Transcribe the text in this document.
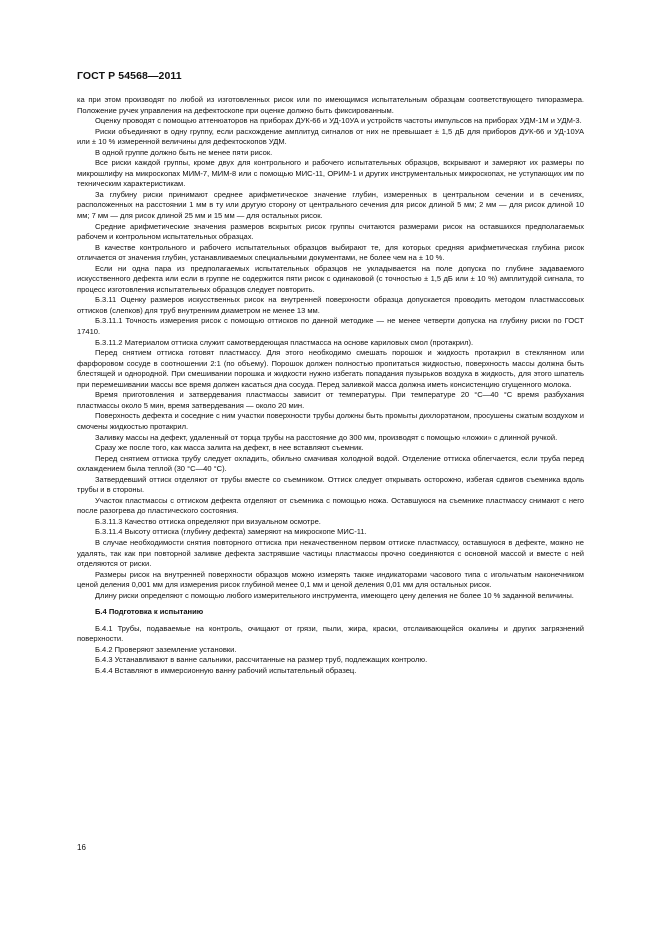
ГОСТ Р 54568—2011

ка при этом производят по любой из изготовленных рисок или по имеющимся испытательным образцам соответствующего типоразмера. Положение ручек управления на дефектоскопе при оценке должно быть фиксированным.

Оценку проводят с помощью аттенюаторов на приборах ДУК-66 и УД-10УА и устройств частоты импульсов на приборах УДМ-1М и УДМ-3.

Риски объединяют в одну группу, если расхождение амплитуд сигналов от них не превышает ± 1,5 дБ для приборов ДУК-66 и УД-10УА или ± 10 % измеренной величины для дефектоскопов УДМ.

В одной группе должно быть не менее пяти рисок.

Все риски каждой группы, кроме двух для контрольного и рабочего испытательных образцов, вскрывают и замеряют их размеры по микрошлифу на микроскопах МИМ-7, МИМ-8 или с помощью МИС-11, ОРИМ-1 и других инструментальных микроскопах, не уступающих им по техническим характеристикам.

За глубину риски принимают среднее арифметическое значение глубин, измеренных в центральном сечении и в сечениях, расположенных на расстоянии 1 мм в ту или другую сторону от центрального сечения для рисок длиной 5 мм; 2 мм — для рисок длиной 10 мм; 7 мм — для рисок длиной 25 мм и 15 мм — для остальных рисок.

Средние арифметические значения размеров вскрытых рисок группы считаются размерами рисок на оставшихся предполагаемых рабочем и контрольном испытательных образцах.

В качестве контрольного и рабочего испытательных образцов выбирают те, для которых средняя арифметическая глубина рисок отличается от значения глубин, устанавливаемых специальными документами, не более чем на ± 10 %.

Если ни одна пара из предполагаемых испытательных образцов не укладывается на поле допуска по глубине задаваемого искусственного дефекта или если в группе не содержится пяти рисок с одинаковой (с точностью ± 1,5 дБ или ± 10 %) амплитудой сигнала, то процесс изготовления испытательных образцов следует повторить.

Б.3.11 Оценку размеров искусственных рисок на внутренней поверхности образца допускается проводить методом пластмассовых оттисков (слепков) для труб внутренним диаметром не менее 13 мм.

Б.3.11.1 Точность измерения рисок с помощью оттисков по данной методике — не менее четверти допуска на глубину риски по ГОСТ 17410.

Б.3.11.2 Материалом оттиска служит самотвердеющая пластмасса на основе кариловых смол (протакрил).

Перед снятием оттиска готовят пластмассу. Для этого необходимо смешать порошок и жидкость протакрил в стеклянном или фарфоровом сосуде в соотношении 2:1 (по объему). Порошок должен полностью пропитаться жидкостью, поверхность массы должна быть блестящей и однородной. При смешивании порошка и жидкости нужно избегать попадания пузырьков воздуха в жидкость, для этого шпатель при перемешивании массы все время должен касаться дна сосуда. Перед заливкой масса должна иметь консистенцию сгущенного молока.

Время приготовления и затвердевания пластмассы зависит от температуры. При температуре 20 °С—40 °С время разбухания пластмассы около 5 мин, время затвердевания — около 20 мин.

Поверхность дефекта и соседние с ним участки поверхности трубы должны быть промыты дихлорэтаном, просушены сжатым воздухом и смочены жидкостью протакрил.

Заливку массы на дефект, удаленный от торца трубы на расстояние до 300 мм, производят с помощью «ложки» с длинной ручкой.

Сразу же после того, как масса залита на дефект, в нее вставляют съемник.

Перед снятием оттиска трубу следует охладить, обильно смачивая холодной водой. Отделение оттиска облегчается, если труба перед охлаждением была теплой (30 °С—40 °С).

Затвердевший оттиск отделяют от трубы вместе со съемником. Оттиск следует открывать осторожно, избегая сдвигов съемника вдоль трубы и в стороны.

Участок пластмассы с оттиском дефекта отделяют от съемника с помощью ножа. Оставшуюся на съемнике пластмассу снимают с него после разогрева до пластического состояния.

Б.3.11.3 Качество оттиска определяют при визуальном осмотре.

Б.3.11.4 Высоту оттиска (глубину дефекта) замеряют на микроскопе МИС-11.

В случае необходимости снятия повторного оттиска при некачественном первом оттиске пластмассу, оставшуюся в дефекте, можно не удалять, так как при повторной заливке дефекта застрявшие частицы пластмассы прочно соединяются с основной массой и вместе с ней отделяются от риски.

Размеры рисок на внутренней поверхности образцов можно измерять также индикаторами часового типа с игольчатым наконечником ценой деления 0,001 мм для измерения рисок глубиной менее 0,1 мм и ценой деления 0,01 мм для остальных рисок.

Длину риски определяют с помощью любого измерительного инструмента, имеющего цену деления не более 10 % заданной величины.

Б.4 Подготовка к испытанию

Б.4.1 Трубы, подаваемые на контроль, очищают от грязи, пыли, жира, краски, отслаивающейся окалины и других загрязнений поверхности.

Б.4.2 Проверяют заземление установки.

Б.4.3 Устанавливают в ванне сальники, рассчитанные на размер труб, подлежащих контролю.

Б.4.4 Вставляют в иммерсионную ванну рабочий испытательный образец.

16
